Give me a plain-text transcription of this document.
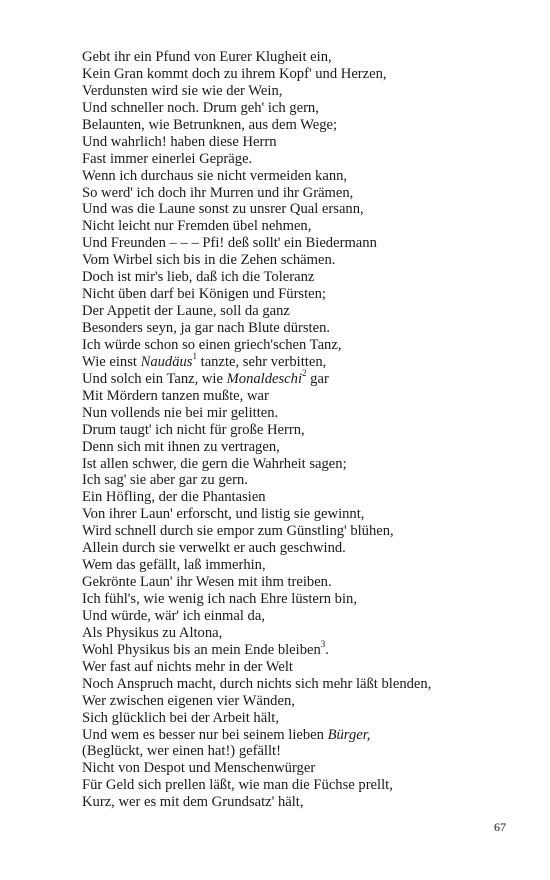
Gebt ihr ein Pfund von Eurer Klugheit ein,
Kein Gran kommt doch zu ihrem Kopf' und Herzen,
Verdunsten wird sie wie der Wein,
Und schneller noch. Drum geh' ich gern,
Belaunten, wie Betrunknen, aus dem Wege;
Und wahrlich! haben diese Herrn
Fast immer einerlei Gepräge.
Wenn ich durchaus sie nicht vermeiden kann,
So werd' ich doch ihr Murren und ihr Grämen,
Und was die Laune sonst zu unsrer Qual ersann,
Nicht leicht nur Fremden übel nehmen,
Und Freunden – – – Pfi! deß sollt' ein Biedermann
Vom Wirbel sich bis in die Zehen schämen.
Doch ist mir's lieb, daß ich die Toleranz
Nicht üben darf bei Königen und Fürsten;
Der Appetit der Laune, soll da ganz
Besonders seyn, ja gar nach Blute dürsten.
Ich würde schon so einen griech'schen Tanz,
Wie einst Naudäus$^1$ tanzte, sehr verbitten,
Und solch ein Tanz, wie Monaldeschi$^2$ gar
Mit Mördern tanzen mußte, war
Nun vollends nie bei mir gelitten.
Drum taugt' ich nicht für große Herrn,
Denn sich mit ihnen zu vertragen,
Ist allen schwer, die gern die Wahrheit sagen;
Ich sag' sie aber gar zu gern.
Ein Höfling, der die Phantasien
Von ihrer Laun' erforscht, und listig sie gewinnt,
Wird schnell durch sie empor zum Günstling' blühen,
Allein durch sie verwelkt er auch geschwind.
Wem das gefällt, laß immerhin,
Gekrönte Laun' ihr Wesen mit ihm treiben.
Ich fühl's, wie wenig ich nach Ehre lüstern bin,
Und würde, wär' ich einmal da,
Als Physikus zu Altona,
Wohl Physikus bis an mein Ende bleiben$^3$.
Wer fast auf nichts mehr in der Welt
Noch Anspruch macht, durch nichts sich mehr läßt blenden,
Wer zwischen eigenen vier Wänden,
Sich glücklich bei der Arbeit hält,
Und wem es besser nur bei seinem lieben Bürger,
(Beglückt, wer einen hat!) gefällt!
Nicht von Despot und Menschenwürger
Für Geld sich prellen läßt, wie man die Füchse prellt,
Kurz, wer es mit dem Grundsatz' hält,
67
